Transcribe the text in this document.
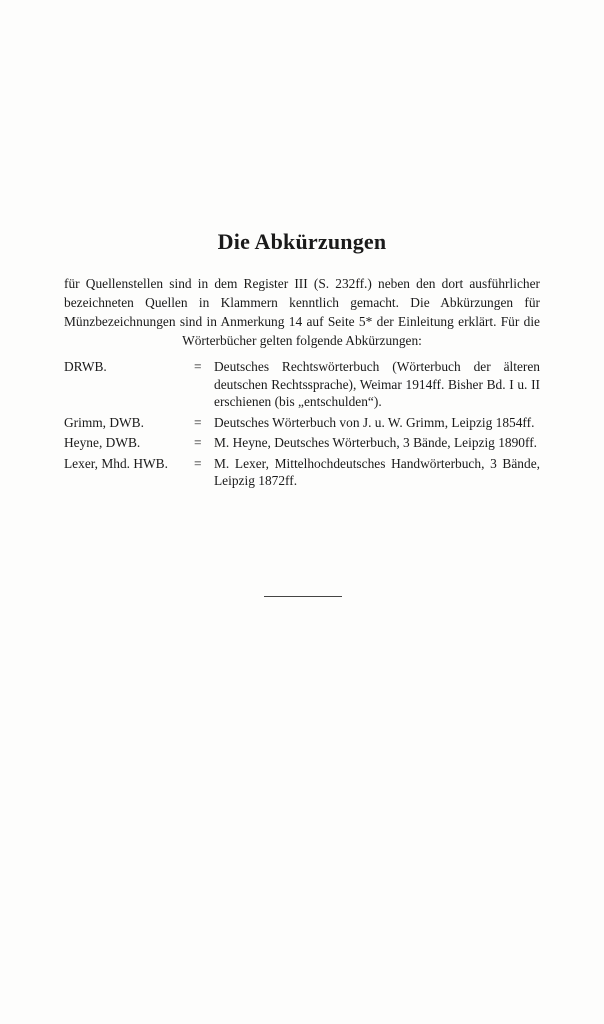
Die Abkürzungen
für Quellenstellen sind in dem Register III (S. 232ff.) neben den dort ausführlicher bezeichneten Quellen in Klammern kenntlich gemacht. Die Abkürzungen für Münzbezeichnungen sind in Anmerkung 14 auf Seite 5* der Einleitung erklärt. Für die Wörterbücher gelten folgende Abkürzungen:
DRWB.	=	Deutsches Rechtswörterbuch (Wörterbuch der älteren deutschen Rechtssprache), Weimar 1914ff. Bisher Bd. I u. II erschienen (bis „entschulden“).
Grimm, DWB.	=	Deutsches Wörterbuch von J. u. W. Grimm, Leipzig 1854ff.
Heyne, DWB.	=	M. Heyne, Deutsches Wörterbuch, 3 Bände, Leipzig 1890ff.
Lexer, Mhd. HWB.	=	M. Lexer, Mittelhochdeutsches Handwörterbuch, 3 Bände, Leipzig 1872ff.
